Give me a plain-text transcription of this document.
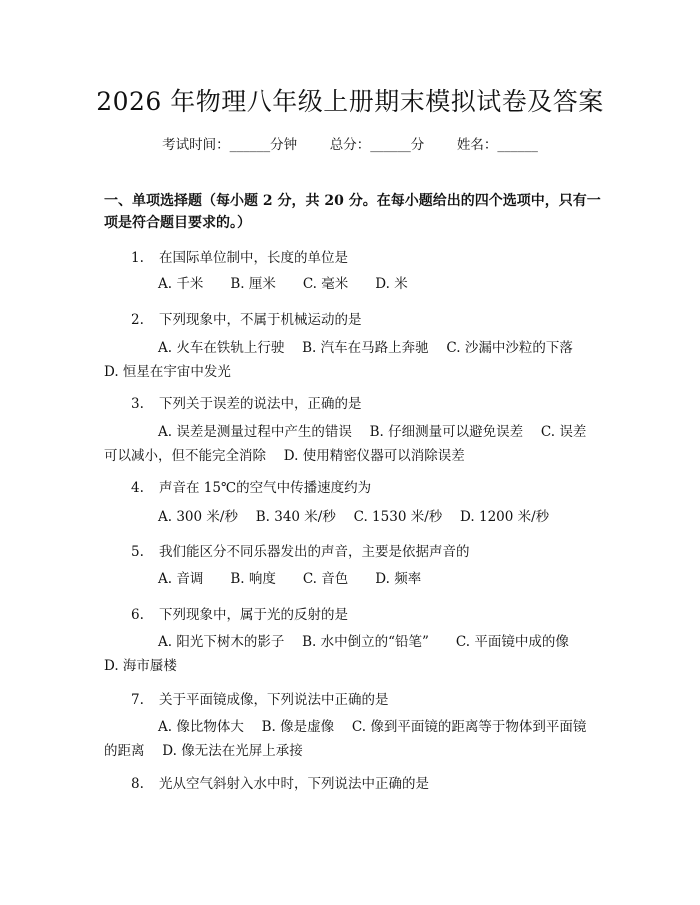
2026 年物理八年级上册期末模拟试卷及答案
考试时间：______分钟 总分：______分 姓名：______
一、单项选择题（每小题 2 分，共 20 分。在每小题给出的四个选项中，只有一项是符合题目要求的。）
1. 在国际单位制中，长度的单位是
A. 千米　　B. 厘米　　C. 毫米　　D. 米
2. 下列现象中，不属于机械运动的是
A. 火车在铁轨上行驶　 B. 汽车在马路上奔驰　 C. 沙漏中沙粒的下落　D. 恒星在宇宙中发光
3. 下列关于误差的说法中，正确的是
A. 误差是测量过程中产生的错误　 B. 仔细测量可以避免误差　 C. 误差可以减小，但不能完全消除　 D. 使用精密仪器可以消除误差
4. 声音在 15℃的空气中传播速度约为
A. 300 米/秒　 B. 340 米/秒　 C. 1530 米/秒　 D. 1200 米/秒
5. 我们能区分不同乐器发出的声音，主要是依据声音的
A. 音调　　B. 响度　　C. 音色　　D. 频率
6. 下列现象中，属于光的反射的是
A. 阳光下树木的影子　 B. 水中倒立的“铅笔”　　C. 平面镜中成的像　D. 海市蜃楼
7. 关于平面镜成像，下列说法中正确的是
A. 像比物体大　 B. 像是虚像　 C. 像到平面镜的距离等于物体到平面镜的距离　 D. 像无法在光屏上承接
8. 光从空气斜射入水中时，下列说法中正确的是
